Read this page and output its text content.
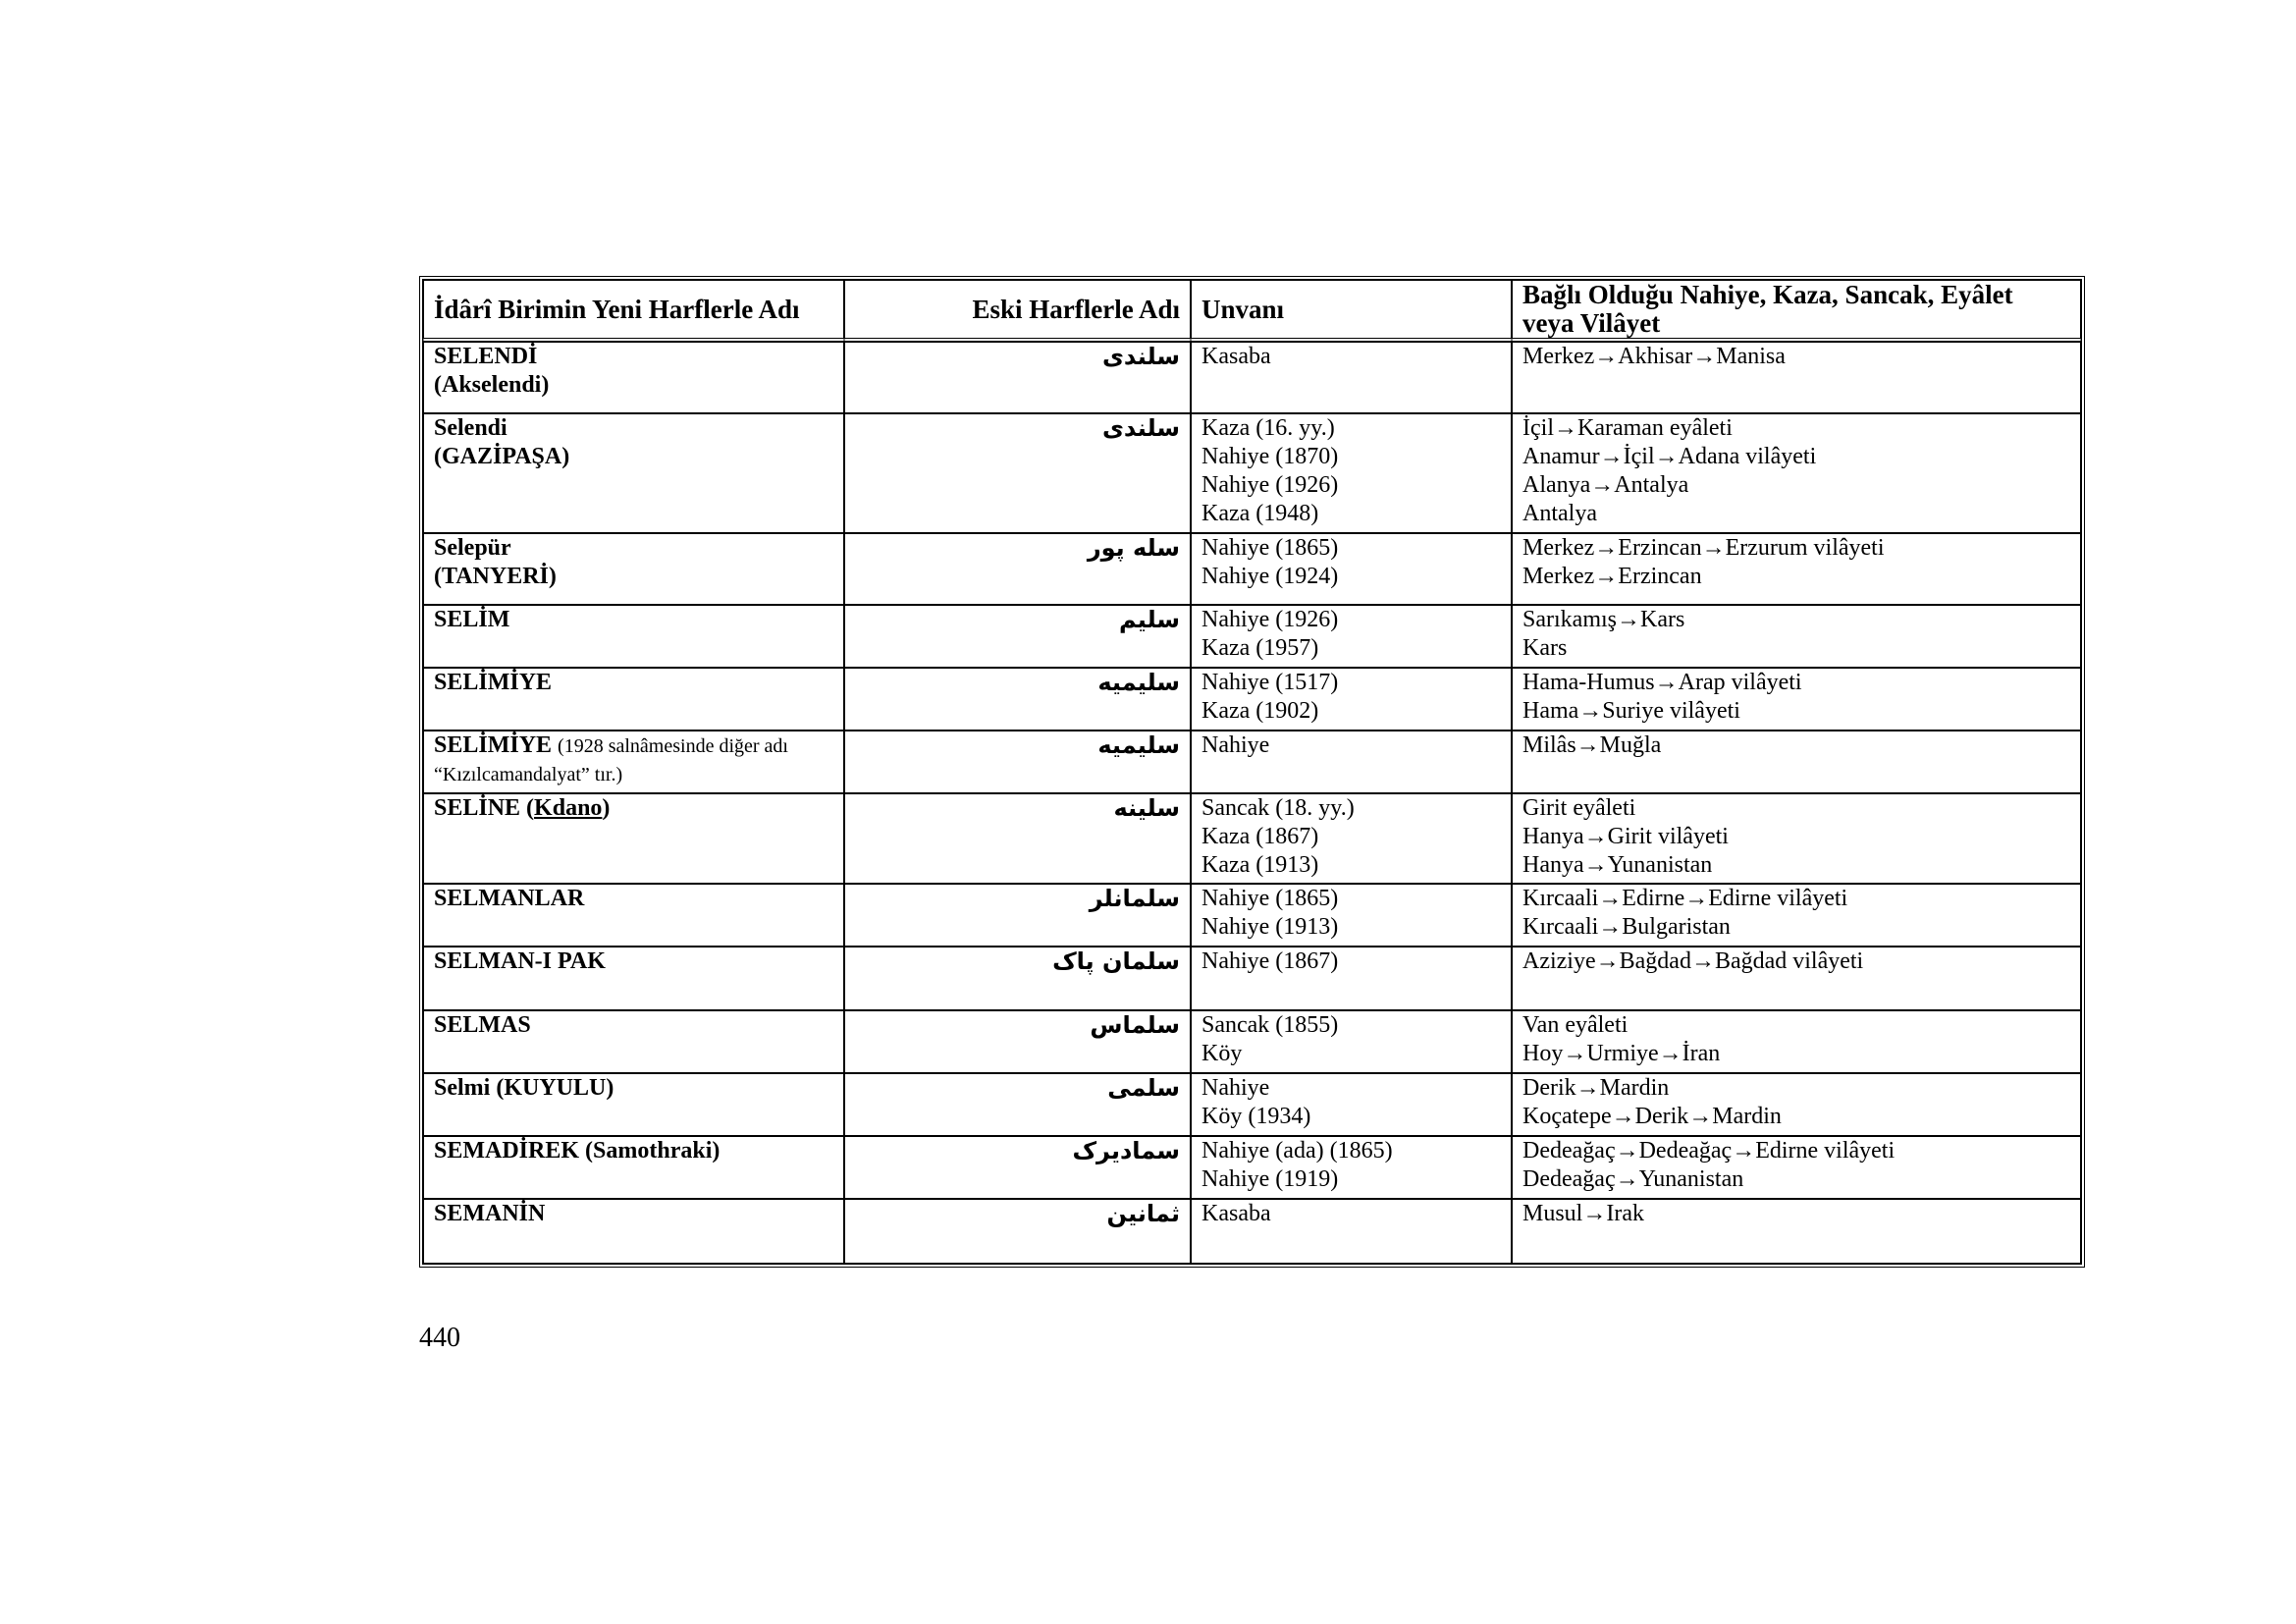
İdârî Birimin Yeni Harflerle Adı	Eski Harflerle Adı	Unvanı	Bağlı Olduğu Nahiye, Kaza, Sancak, Eyâlet veya Vilâyet

SELENDİ
(Akselendi)	سلندی	Kasaba	Merkez→Akhisar→Manisa

Selendi
(GAZİPAŞA)	سلندی	Kaza (16. yy.)
Nahiye (1870)
Nahiye (1926)
Kaza (1948)	İçil→Karaman eyâleti
Anamur→İçil→Adana vilâyeti
Alanya→Antalya
Antalya

Selepür
(TANYERİ)	سله پور	Nahiye (1865)
Nahiye (1924)	Merkez→Erzincan→Erzurum vilâyeti
Merkez→Erzincan

SELİM	سليم	Nahiye (1926)
Kaza (1957)	Sarıkamış→Kars
Kars

SELİMİYE	سليميه	Nahiye (1517)
Kaza (1902)	Hama-Humus→Arap vilâyeti
Hama→Suriye vilâyeti

SELİMİYE (1928 salnâmesinde diğer adı “Kızılcamandalyat” tır.)	سليميه	Nahiye	Milâs→Muğla

SELİNE (Kdano)	سلينه	Sancak (18. yy.)
Kaza (1867)
Kaza (1913)	Girit eyâleti
Hanya→Girit vilâyeti
Hanya→Yunanistan

SELMANLAR	سلمانلر	Nahiye (1865)
Nahiye (1913)	Kırcaali→Edirne→Edirne vilâyeti
Kırcaali→Bulgaristan

SELMAN-I PAK	سلمان پاک	Nahiye (1867)	Aziziye→Bağdad→Bağdad vilâyeti

SELMAS	سلماس	Sancak (1855)
Köy	Van eyâleti
Hoy→Urmiye→İran

Selmi (KUYULU)	سلمی	Nahiye
Köy (1934)	Derik→Mardin
Koçatepe→Derik→Mardin

SEMADİREK (Samothraki)	سماديرک	Nahiye (ada) (1865)
Nahiye (1919)	Dedeağaç→Dedeağaç→Edirne vilâyeti
Dedeağaç→Yunanistan

SEMANİN	ثمانين	Kasaba	Musul→Irak
440
